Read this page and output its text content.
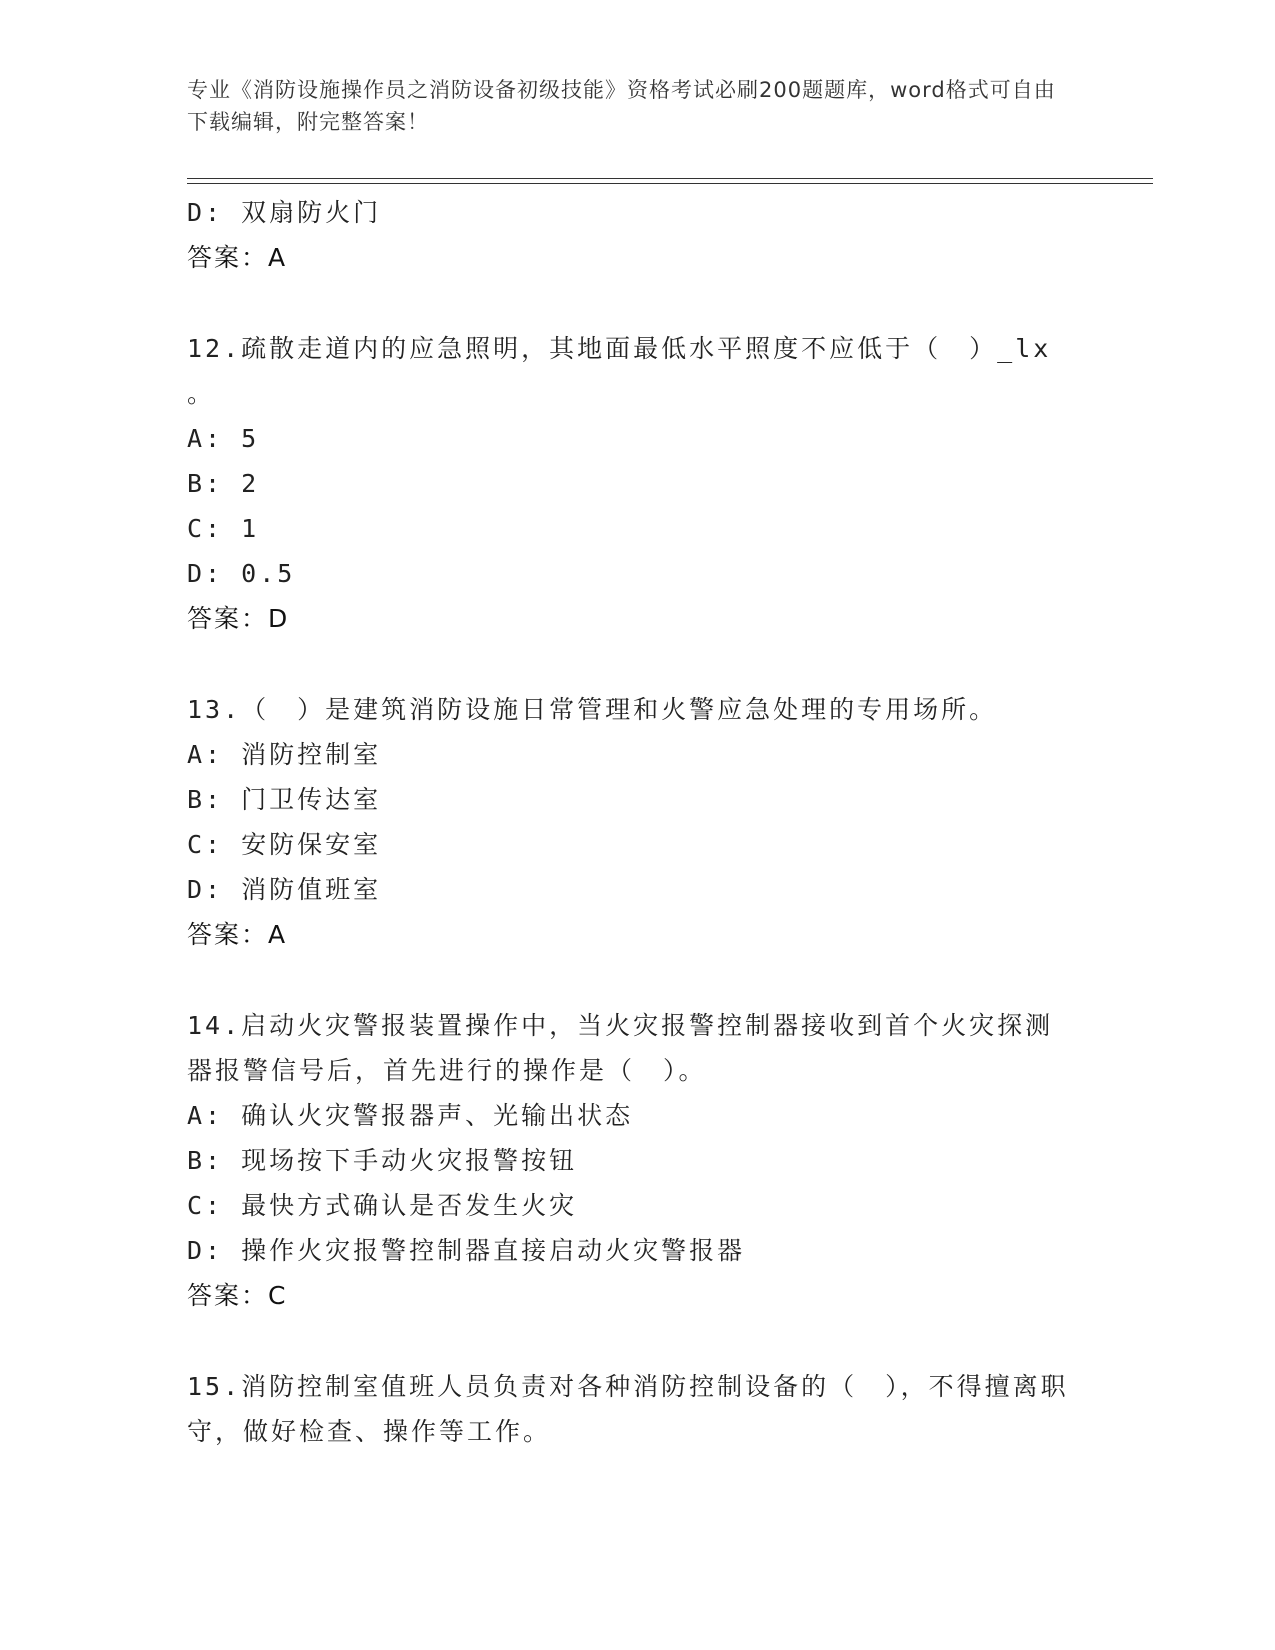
专业《消防设施操作员之消防设备初级技能》资格考试必刷200题题库，word格式可自由下载编辑，附完整答案！
D: 双扇防火门
答案：A
12.疏散走道内的应急照明，其地面最低水平照度不应低于（　）_lx
。
A: 5
B: 2
C: 1
D: 0.5
答案：D
13.（　）是建筑消防设施日常管理和火警应急处理的专用场所。
A: 消防控制室
B: 门卫传达室
C: 安防保安室
D: 消防值班室
答案：A
14.启动火灾警报装置操作中，当火灾报警控制器接收到首个火灾探测器报警信号后，首先进行的操作是（　）。
A: 确认火灾警报器声、光输出状态
B: 现场按下手动火灾报警按钮
C: 最快方式确认是否发生火灾
D: 操作火灾报警控制器直接启动火灾警报器
答案：C
15.消防控制室值班人员负责对各种消防控制设备的（　），不得擅离职守，做好检查、操作等工作。
